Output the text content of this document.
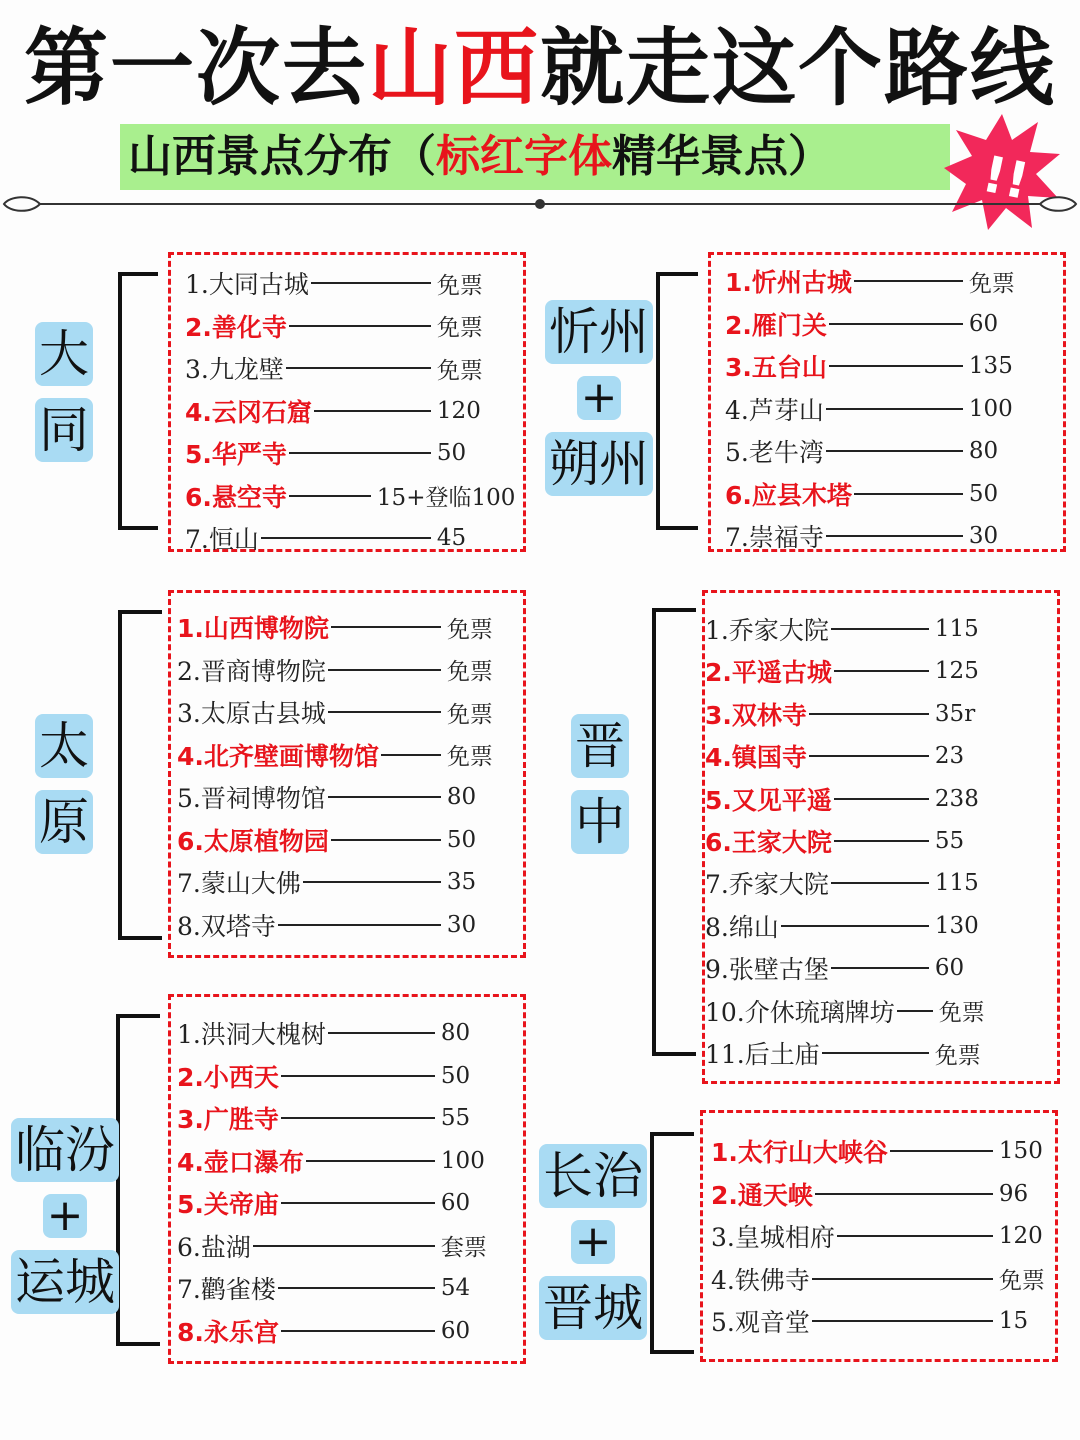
第一次去山西就走这个路线
山西景点分布（标红字体精华景点）	!!
大
同
1.大同古城	免票
2.善化寺	免票
3.九龙壁	免票
4.云冈石窟	120
5.华严寺	50
6.悬空寺	15+登临100
7.恒山	45
忻州
+
朔州
1.忻州古城	免票
2.雁门关	60
3.五台山	135
4.芦芽山	100
5.老牛湾	80
6.应县木塔	50
7.崇福寺	30
太
原
1.山西博物院	免票
2.晋商博物院	免票
3.太原古县城	免票
4.北齐壁画博物馆	免票
5.晋祠博物馆	80
6.太原植物园	50
7.蒙山大佛	35
8.双塔寺	30
晋
中
1.乔家大院	115
2.平遥古城	125
3.双林寺	35r
4.镇国寺	23
5.又见平遥	238
6.王家大院	55
7.乔家大院	115
8.绵山	130
9.张壁古堡	60
10.介休琉璃牌坊 免票
11.后土庙	免票
临汾
+
运城
1.洪洞大槐树	80
2.小西天	50
3.广胜寺	55
4.壶口瀑布	100
5.关帝庙	60
6.盐湖	套票
7.鹳雀楼	54
8.永乐宫	60
长治
+
晋城
1.太行山大峡谷	150
2.通天峡	96
3.皇城相府	120
4.铁佛寺	免票
5.观音堂	15
